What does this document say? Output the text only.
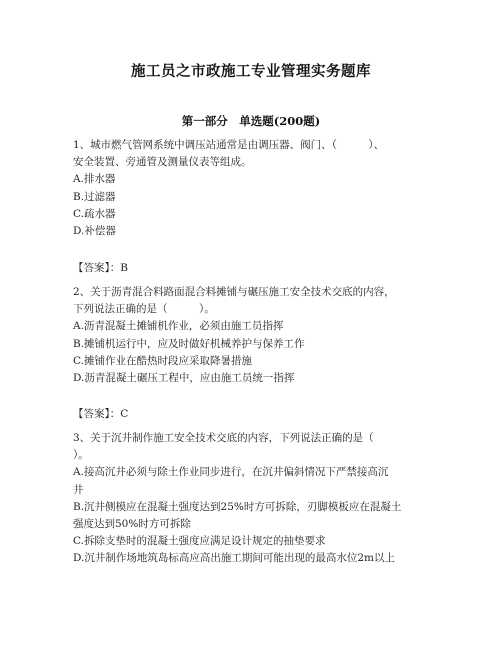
施工员之市政施工专业管理实务题库
第一部分　单选题(200题)
1、城市燃气管网系统中调压站通常是由调压器、阀门、（　　　）、
安全装置、旁通管及测量仪表等组成。
A.排水器
B.过滤器
C.疏水器
D.补偿器
【答案】：B
2、关于沥青混合料路面混合料摊铺与碾压施工安全技术交底的内容，
下列说法正确的是（　　　）。
A.沥青混凝土摊铺机作业，必须由施工员指挥
B.摊铺机运行中，应及时做好机械养护与保养工作
C.摊铺作业在酷热时段应采取降暑措施
D.沥青混凝土碾压工程中，应由施工员统一指挥
【答案】：C
3、关于沉井制作施工安全技术交底的内容，下列说法正确的是（
）。
A.接高沉井必须与除土作业同步进行，在沉井偏斜情况下严禁接高沉
井
B.沉井侧模应在混凝土强度达到25%时方可拆除，刃脚模板应在混凝土
强度达到50%时方可拆除
C.拆除支垫时的混凝土强度应满足设计规定的抽垫要求
D.沉井制作场地筑岛标高应高出施工期间可能出现的最高水位2m以上
